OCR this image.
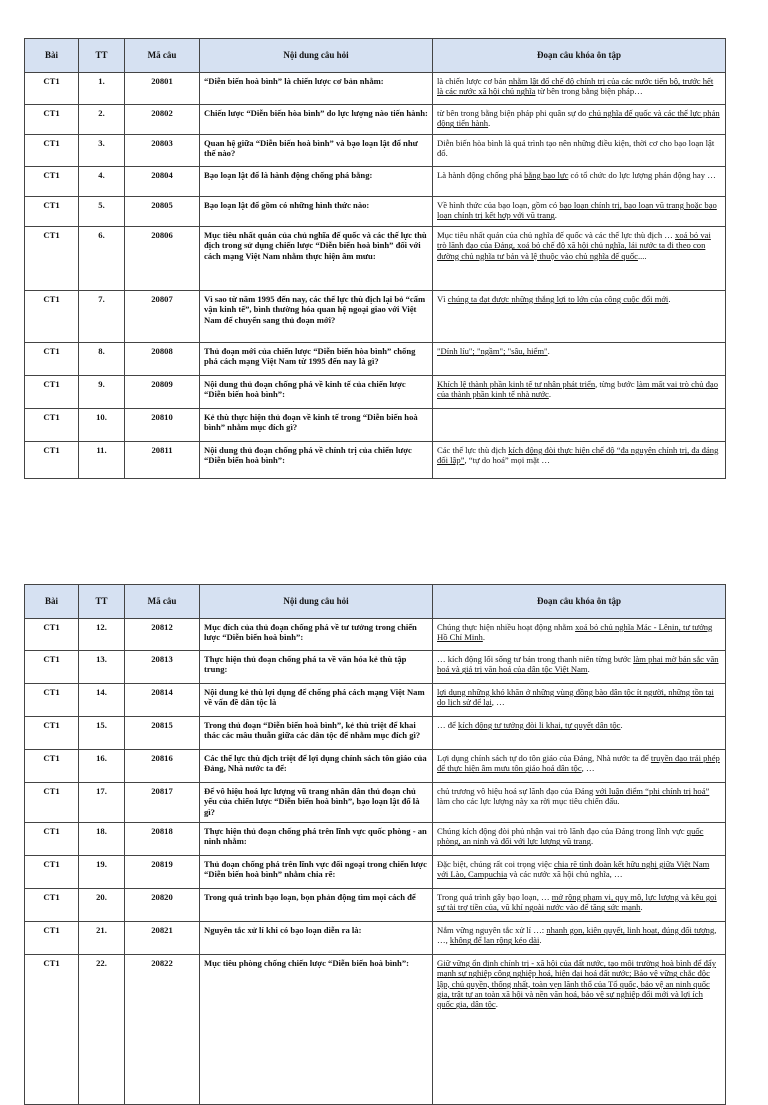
Bài	TT	Mã câu	Nội dung câu hỏi	Đoạn câu khóa ôn tập
CT1	1.	20801	“Diễn biến hoà bình” là chiến lược cơ bản nhằm:	là chiến lược cơ bản nhằm lật đổ chế độ chính trị của các nước tiến bộ, trước hết là các nước xã hội chủ nghĩa từ bên trong bằng biện pháp…
CT1	2.	20802	Chiến lược “Diễn biến hòa bình” do lực lượng nào tiến hành:	từ bên trong bằng biện pháp phi quân sự do chủ nghĩa đế quốc và các thế lực phản động tiến hành.
CT1	3.	20803	Quan hệ giữa “Diễn biến hoà bình” và bạo loạn lật đổ như thế nào?	Diễn biến hòa bình là quá trình tạo nên những điều kiện, thời cơ cho bạo loạn lật đổ.
CT1	4.	20804	Bạo loạn lật đổ là hành động chống phá bằng:	Là hành động chống phá bằng bạo lực có tổ chức do lực lượng phản động hay …
CT1	5.	20805	Bạo loạn lật đổ gồm có những hình thức nào:	Về hình thức của bạo loạn, gồm có bạo loạn chính trị, bạo loạn vũ trang hoặc bạo loạn chính trị kết hợp với vũ trang.
CT1	6.	20806	Mục tiêu nhất quán của chủ nghĩa đế quốc và các thế lực thù địch trong sử dụng chiến lược “Diễn biến hoà bình” đối với cách mạng Việt Nam nhằm thực hiện âm mưu:	Mục tiêu nhất quán của chủ nghĩa đế quốc và các thế lực thù địch … xoá bỏ vai trò lãnh đạo của Đảng, xoá bỏ chế độ xã hội chủ nghĩa, lái nước ta đi theo con đường chủ nghĩa tư bản và lệ thuộc vào chủ nghĩa đế quốc....
CT1	7.	20807	Vì sao từ năm 1995 đến nay, các thế lực thù địch lại bỏ “cấm vận kinh tế”, bình thường hóa quan hệ ngoại giao với Việt Nam để chuyển sang thủ đoạn mới?	Vì chúng ta đạt được những thắng lợi to lớn của công cuộc đổi mới.
CT1	8.	20808	Thủ đoạn mới của chiến lược “Diễn biến hòa bình” chống phá cách mạng Việt Nam từ 1995 đến nay là gì?	"Dính líu"; "ngầm"; "sâu, hiểm".
CT1	9.	20809	Nội dung thủ đoạn chống phá về kinh tế của chiến lược “Diễn biến hoà bình”:	Khích lệ thành phần kinh tế tư nhân phát triển, từng bước làm mất vai trò chủ đạo của thành phần kinh tế nhà nước.
CT1	10.	20810	Kẻ thù thực hiện thủ đoạn về kinh tế trong “Diễn biến hoà bình” nhằm mục đích gì?	
CT1	11.	20811	Nội dung thủ đoạn chống phá về chính trị của chiến lược “Diễn biến hoà bình”:	Các thế lực thù địch kích động đòi thực hiện chế độ “đa nguyên chính trị, đa đảng đối lập”, “tự do hoá” mọi mặt …
Bài	TT	Mã câu	Nội dung câu hỏi	Đoạn câu khóa ôn tập
CT1	12.	20812	Mục đích của thủ đoạn chống phá về tư tưởng trong chiến lược “Diễn biến hoà bình”:	Chúng thực hiện nhiều hoạt động nhằm xoá bỏ chủ nghĩa Mác - Lênin, tư tưởng Hồ Chí Minh.
CT1	13.	20813	Thực hiện thủ đoạn chống phá ta về văn hóa kẻ thù tập trung:	… kích động lối sống tư bản trong thanh niên từng bước làm phai mờ bản sắc văn hoá và giá trị văn hoá của dân tộc Việt Nam.
CT1	14.	20814	Nội dung kẻ thù lợi dụng để chống phá cách mạng Việt Nam về vấn đề dân tộc là	lợi dụng những khó khăn ở những vùng đồng bào dân tộc ít người, những tồn tại do lịch sử để lại, …
CT1	15.	20815	Trong thủ đoạn “Diễn biến hoà bình”, kẻ thù triệt để khai thác các mâu thuẫn giữa các dân tộc để nhằm mục đích gì?	… để kích động tư tưởng đòi li khai, tự quyết dân tộc.
CT1	16.	20816	Các thế lực thù địch triệt để lợi dụng chính sách tôn giáo của Đảng, Nhà nước ta để:	Lợi dụng chính sách tự do tôn giáo của Đảng, Nhà nước ta để truyền đạo trái phép để thực hiện âm mưu tôn giáo hoá dân tộc, …
CT1	17.	20817	Để vô hiệu hoá lực lượng vũ trang nhân dân thủ đoạn chủ yếu của chiến lược “Diễn biến hoà bình”, bạo loạn lật đổ là gì?	chủ trương vô hiệu hoá sự lãnh đạo của Đảng với luận điểm “phi chính trị hoá” làm cho các lực lượng này xa rời mục tiêu chiến đấu.
CT1	18.	20818	Thực hiện thủ đoạn chống phá trên lĩnh vực quốc phòng - an ninh nhằm:	Chúng kích động đòi phủ nhận vai trò lãnh đạo của Đảng trong lĩnh vực quốc phòng, an ninh và đối với lực lượng vũ trang.
CT1	19.	20819	Thủ đoạn chống phá trên lĩnh vực đối ngoại trong chiến lược “Diễn biến hoà bình” nhằm chia rẽ:	Đặc biệt, chúng rất coi trọng việc chia rẽ tình đoàn kết hữu nghị giữa Việt Nam với Lào, Campuchia và các nước xã hội chủ nghĩa, …
CT1	20.	20820	Trong quá trình bạo loạn, bọn phản động tìm mọi cách để	Trong quá trình gây bạo loạn, … mở rộng phạm vi, quy mô, lực lượng và kêu gọi sự tài trợ tiền của, vũ khí ngoài nước vào để tăng sức mạnh.
CT1	21.	20821	Nguyên tắc xử lí khi có bạo loạn diễn ra là:	Nắm vững nguyên tắc xử lí …: nhanh gọn, kiên quyết, linh hoạt, đúng đối tượng, …, không để lan rộng kéo dài.
CT1	22.	20822	Mục tiêu phòng chống chiến lược “Diễn biến hoà bình”:	Giữ vững ổn định chính trị - xã hội của đất nước, tạo môi trường hoà bình để đẩy mạnh sự nghiệp công nghiệp hoá, hiện đại hoá đất nước; Bảo vệ vững chắc độc lập, chủ quyền, thống nhất, toàn vẹn lãnh thổ của Tổ quốc, bảo vệ an ninh quốc gia, trật tự an toàn xã hội và nền văn hoá, bảo vệ sự nghiệp đổi mới và lợi ích quốc gia, dân tộc.
